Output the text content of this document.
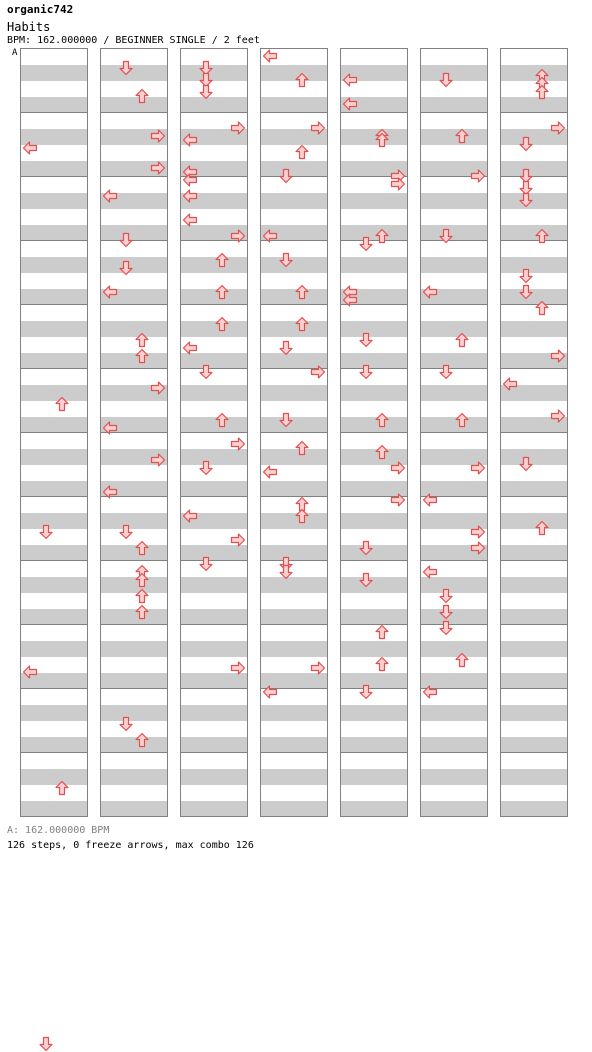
organic742
Habits
BPM: 162.000000 / BEGINNER SINGLE / 2 feet
A
A: 162.000000 BPM
126 steps, 0 freeze arrows, max combo 126
